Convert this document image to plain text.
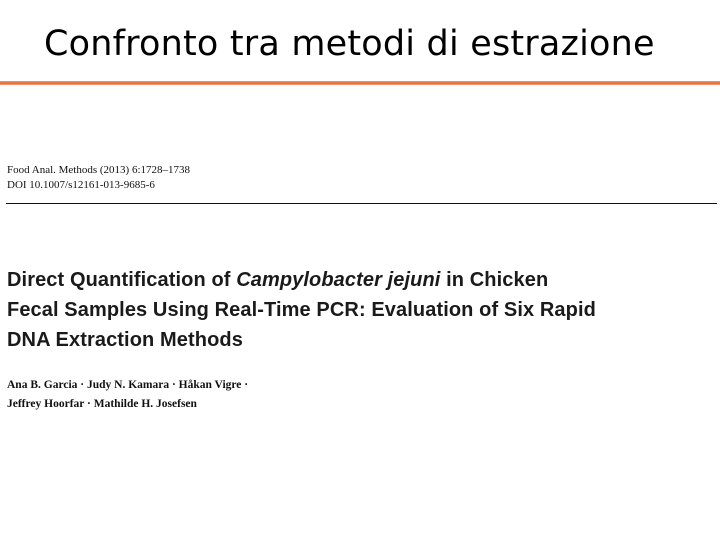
Confronto tra metodi di estrazione
Food Anal. Methods (2013) 6:1728–1738
DOI 10.1007/s12161-013-9685-6
Direct Quantification of Campylobacter jejuni in Chicken
Fecal Samples Using Real-Time PCR: Evaluation of Six Rapid
DNA Extraction Methods
Ana B. Garcia · Judy N. Kamara · Håkan Vigre ·
Jeffrey Hoorfar · Mathilde H. Josefsen
